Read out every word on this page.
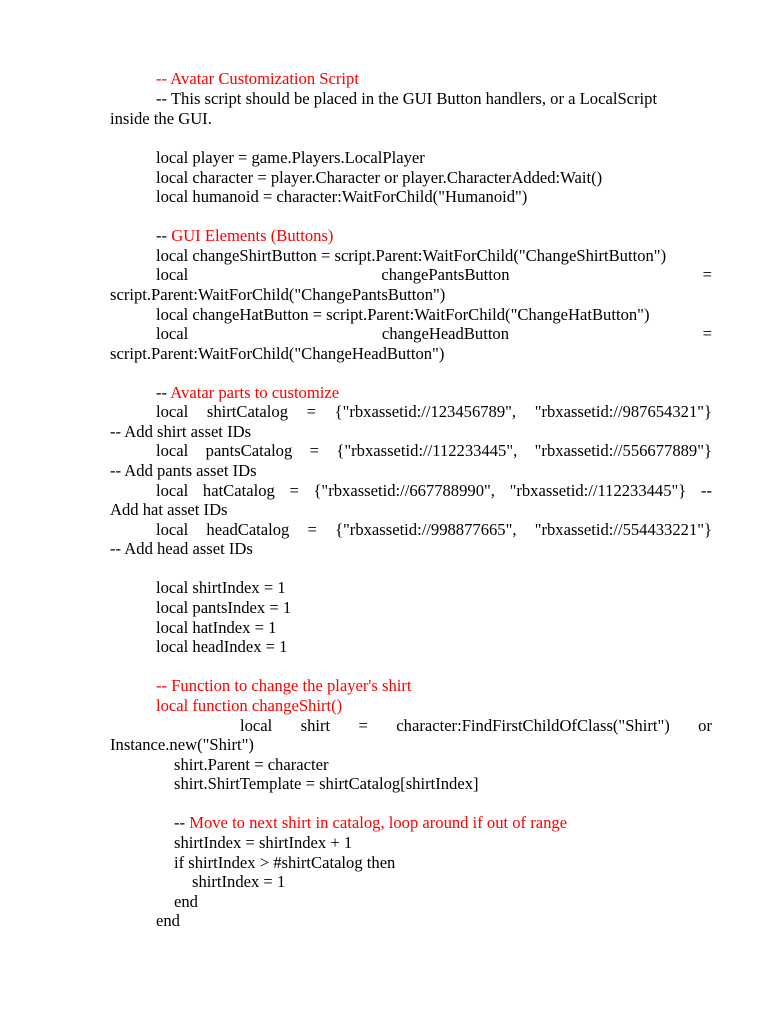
-- Avatar Customization Script
-- This script should be placed in the GUI Button handlers, or a LocalScript
inside the GUI.
local player = game.Players.LocalPlayer
local character = player.Character or player.CharacterAdded:Wait()
local humanoid = character:WaitForChild("Humanoid")
-- GUI Elements (Buttons)
local changeShirtButton = script.Parent:WaitForChild("ChangeShirtButton")
local	changePantsButton	=
script.Parent:WaitForChild("ChangePantsButton")
local changeHatButton = script.Parent:WaitForChild("ChangeHatButton")
local	changeHeadButton	=
script.Parent:WaitForChild("ChangeHeadButton")
-- Avatar parts to customize
local shirtCatalog = {"rbxassetid://123456789", "rbxassetid://987654321"}
-- Add shirt asset IDs
local pantsCatalog = {"rbxassetid://112233445", "rbxassetid://556677889"}
-- Add pants asset IDs
local hatCatalog = {"rbxassetid://667788990", "rbxassetid://112233445"} --
Add hat asset IDs
local headCatalog = {"rbxassetid://998877665", "rbxassetid://554433221"}
-- Add head asset IDs
local shirtIndex = 1
local pantsIndex = 1
local hatIndex = 1
local headIndex = 1
-- Function to change the player's shirt
local function changeShirt()
local shirt = character:FindFirstChildOfClass("Shirt") or
Instance.new("Shirt")
shirt.Parent = character
shirt.ShirtTemplate = shirtCatalog[shirtIndex]
-- Move to next shirt in catalog, loop around if out of range
shirtIndex = shirtIndex + 1
if shirtIndex > #shirtCatalog then
shirtIndex = 1
end
end
